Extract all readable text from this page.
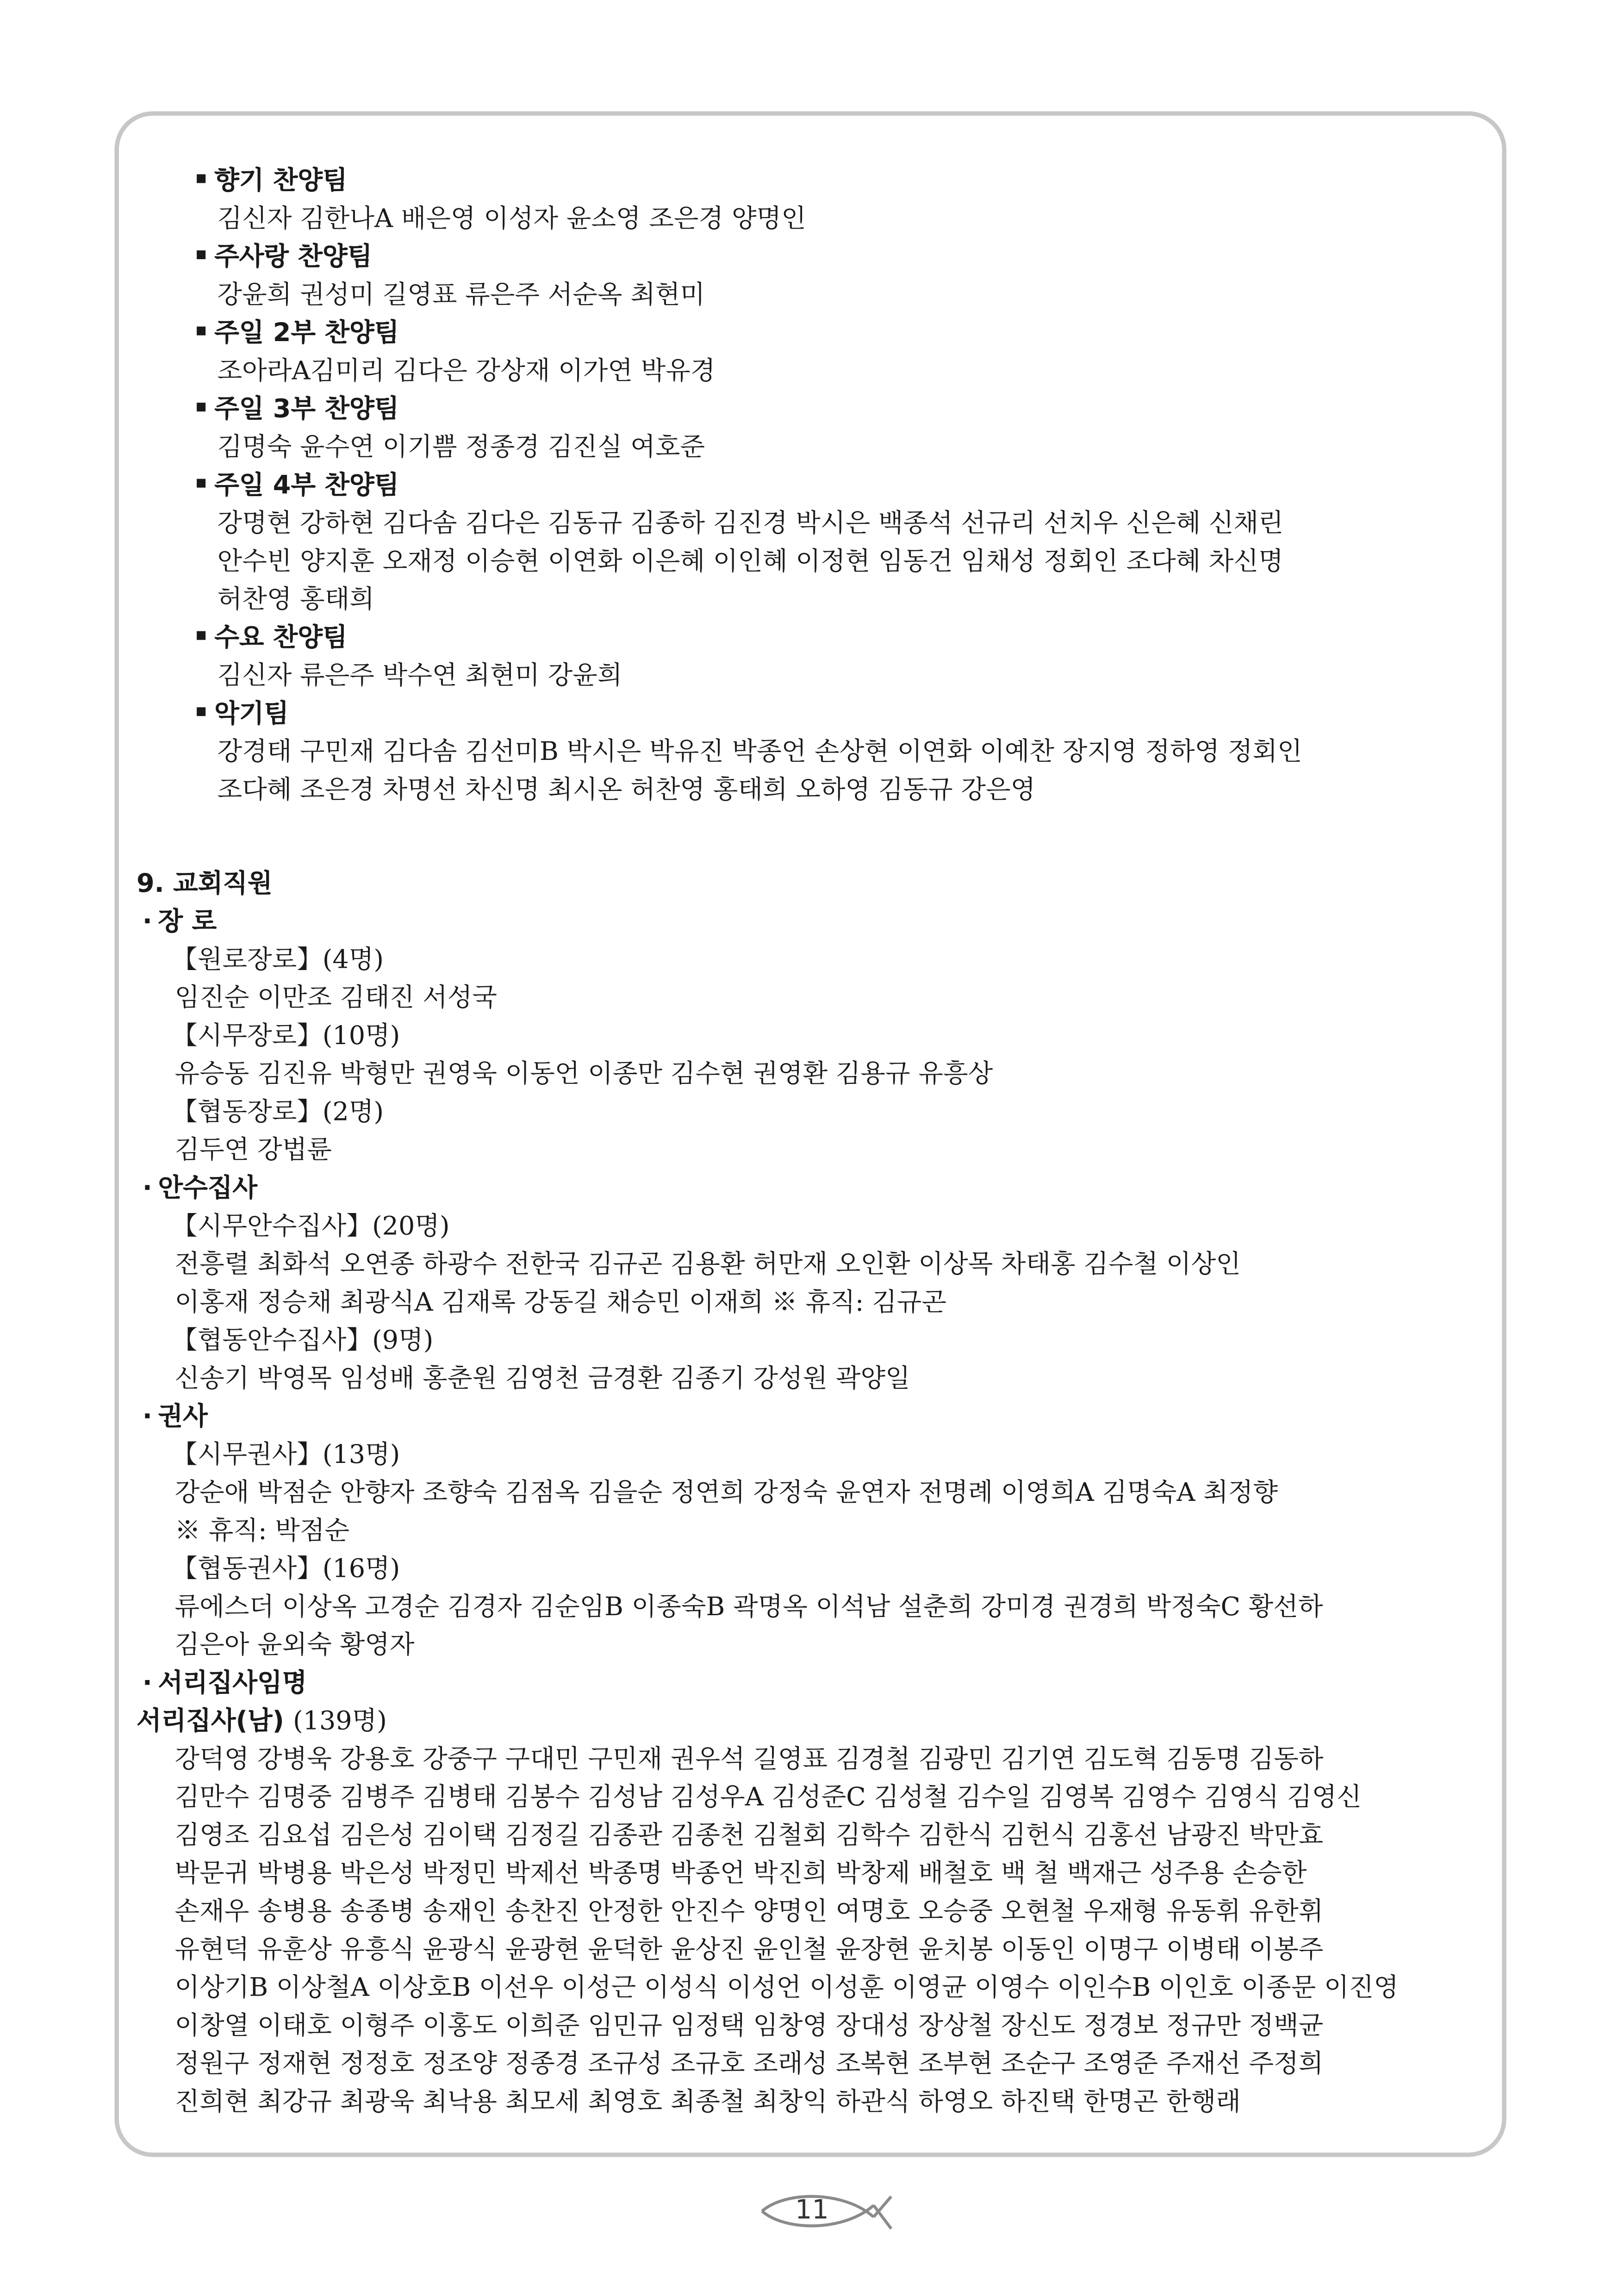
향기 찬양팀
김신자 김한나A 배은영 이성자 윤소영 조은경 양명인
주사랑 찬양팀
강윤희 권성미 길영표 류은주 서순옥 최현미
주일 2부 찬양팀
조아라A김미리 김다은 강상재 이가연 박유경
주일 3부 찬양팀
김명숙 윤수연 이기쁨 정종경 김진실 여호준
주일 4부 찬양팀
강명현 강하현 김다솜 김다은 김동규 김종하 김진경 박시은 백종석 선규리 선치우 신은혜 신채린
안수빈 양지훈 오재정 이승현 이연화 이은혜 이인혜 이정현 임동건 임채성 정회인 조다혜 차신명
허찬영 홍태희
수요 찬양팀
김신자 류은주 박수연 최현미 강윤희
악기팀
강경태 구민재 김다솜 김선미B 박시은 박유진 박종언 손상현 이연화 이예찬 장지영 정하영 정회인
조다혜 조은경 차명선 차신명 최시온 허찬영 홍태희 오하영 김동규 강은영
9. 교회직원
· 장 로
【원로장로】(4명)
임진순 이만조 김태진 서성국
【시무장로】(10명)
유승동 김진유 박형만 권영욱 이동언 이종만 김수현 권영환 김용규 유흥상
【협동장로】(2명)
김두연 강법륜
· 안수집사
【시무안수집사】(20명)
전흥렬 최화석 오연종 하광수 전한국 김규곤 김용환 허만재 오인환 이상목 차태홍 김수철 이상인
이홍재 정승채 최광식A 김재록 강동길 채승민 이재희 ※ 휴직: 김규곤
【협동안수집사】(9명)
신송기 박영목 임성배 홍춘원 김영천 금경환 김종기 강성원 곽양일
· 권사
【시무권사】(13명)
강순애 박점순 안향자 조향숙 김점옥 김을순 정연희 강정숙 윤연자 전명례 이영희A 김명숙A 최정향
※ 휴직: 박점순
【협동권사】(16명)
류에스더 이상옥 고경순 김경자 김순임B 이종숙B 곽명옥 이석남 설춘희 강미경 권경희 박정숙C 황선하
김은아 윤외숙 황영자
· 서리집사임명
서리집사(남) (139명)
강덕영 강병욱 강용호 강중구 구대민 구민재 권우석 길영표 김경철 김광민 김기연 김도혁 김동명 김동하
김만수 김명중 김병주 김병태 김봉수 김성남 김성우A 김성준C 김성철 김수일 김영복 김영수 김영식 김영신
김영조 김요섭 김은성 김이택 김정길 김종관 김종천 김철회 김학수 김한식 김헌식 김홍선 남광진 박만효
박문귀 박병용 박은성 박정민 박제선 박종명 박종언 박진희 박창제 배철호 백 철 백재근 성주용 손승한
손재우 송병용 송종병 송재인 송찬진 안정한 안진수 양명인 여명호 오승중 오현철 우재형 유동휘 유한휘
유현덕 유훈상 유흥식 윤광식 윤광현 윤덕한 윤상진 윤인철 윤장현 윤치봉 이동인 이명구 이병태 이봉주
이상기B 이상철A 이상호B 이선우 이성근 이성식 이성언 이성훈 이영균 이영수 이인수B 이인호 이종문 이진영
이창열 이태호 이형주 이홍도 이희준 임민규 임정택 임창영 장대성 장상철 장신도 정경보 정규만 정백균
정원구 정재현 정정호 정조양 정종경 조규성 조규호 조래성 조복현 조부현 조순구 조영준 주재선 주정희
진희현 최강규 최광욱 최낙용 최모세 최영호 최종철 최창익 하관식 하영오 하진택 한명곤 한행래
11
